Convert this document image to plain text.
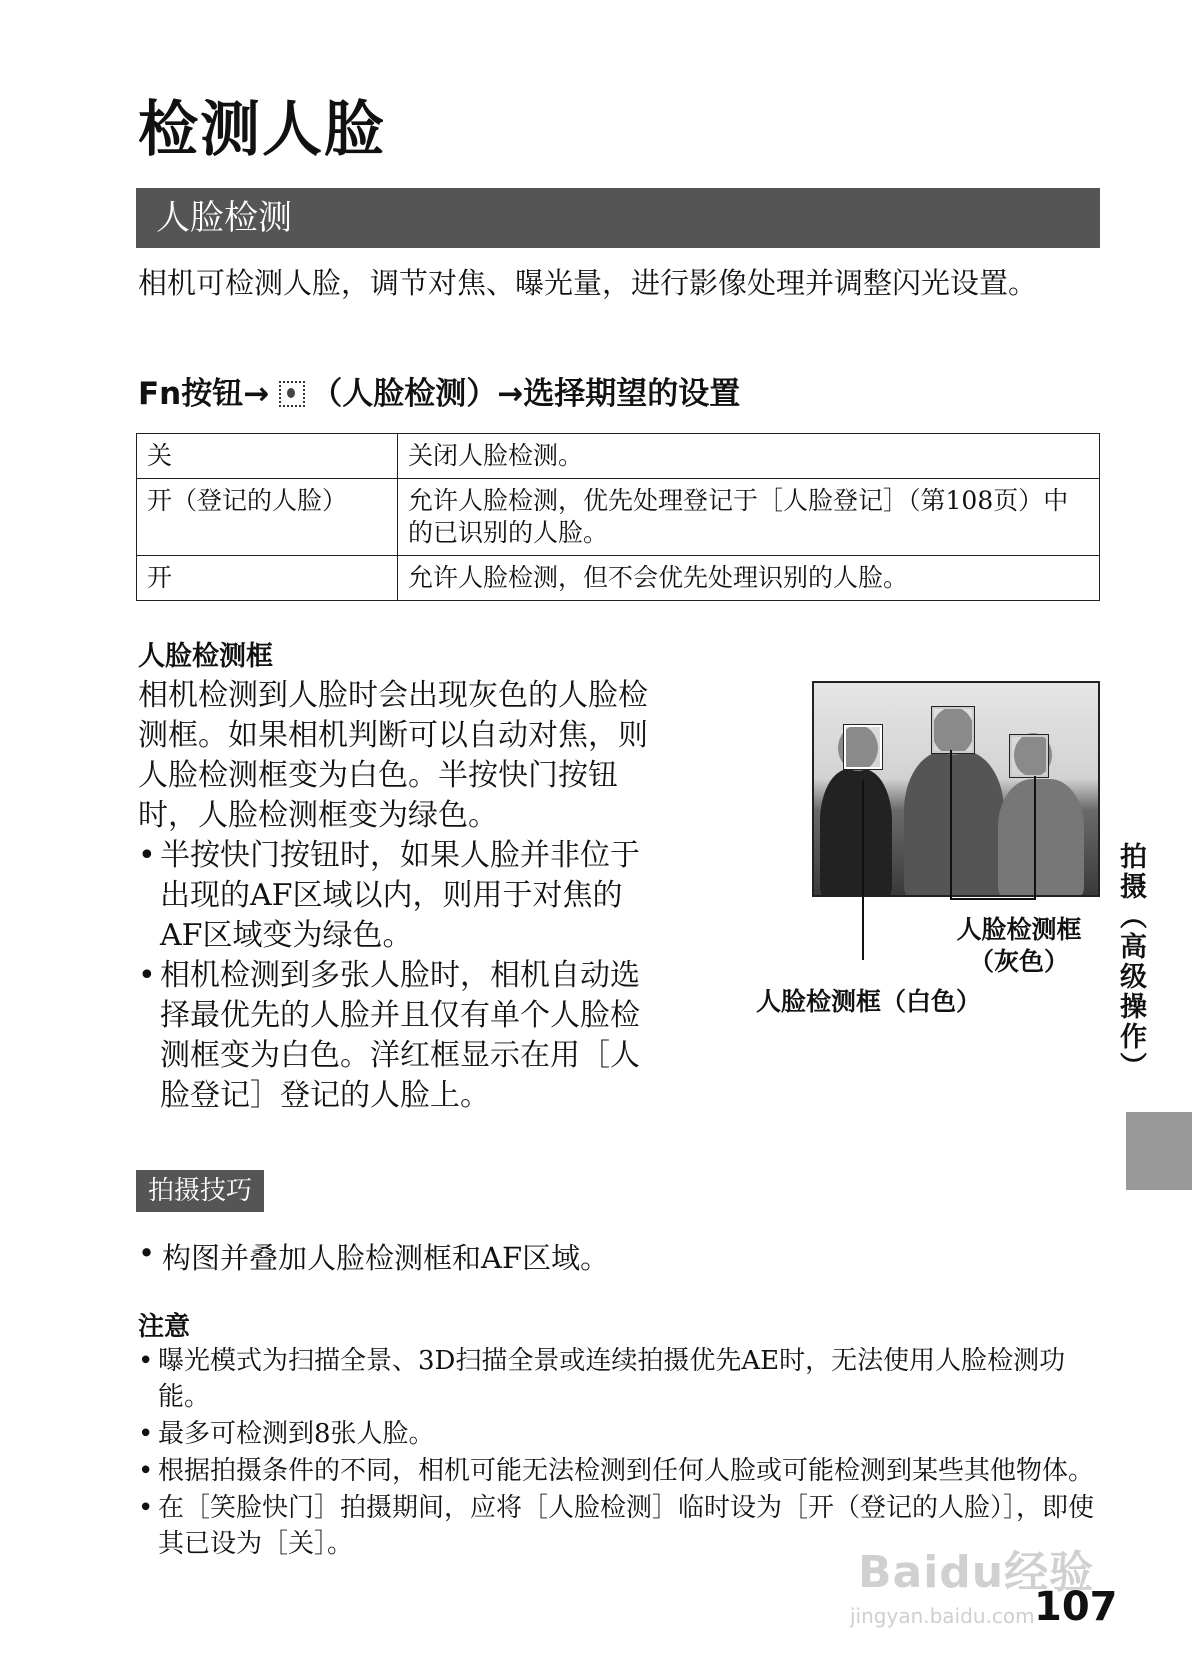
检测人脸
人脸检测
相机可检测人脸，调节对焦、曝光量，进行影像处理并调整闪光设置。
Fn按钮→ （人脸检测）→选择期望的设置
关	关闭人脸检测。
开（登记的人脸）	允许人脸检测，优先处理登记于［人脸登记］（第108页）中的已识别的人脸。
开	允许人脸检测，但不会优先处理识别的人脸。
人脸检测框

相机检测到人脸时会出现灰色的人脸检测框。如果相机判断可以自动对焦，则人脸检测框变为白色。半按快门按钮时，人脸检测框变为绿色。

• 半按快门按钮时，如果人脸并非位于出现的AF区域以内，则用于对焦的AF区域变为绿色。
• 相机检测到多张人脸时，相机自动选择最优先的人脸并且仅有单个人脸检测框变为白色。洋红框显示在用［人脸登记］登记的人脸上。
人脸检测框
（灰色）
人脸检测框（白色）	拍摄（高级操作）
拍摄技巧
• 构图并叠加人脸检测框和AF区域。
注意
• 曝光模式为扫描全景、3D扫描全景或连续拍摄优先AE时，无法使用人脸检测功能。
• 最多可检测到8张人脸。
• 根据拍摄条件的不同，相机可能无法检测到任何人脸或可能检测到某些其他物体。
• 在［笑脸快门］拍摄期间，应将［人脸检测］临时设为［开（登记的人脸）］，即使其已设为［关］。
Baidu经验
jingyan.baidu.com 107
